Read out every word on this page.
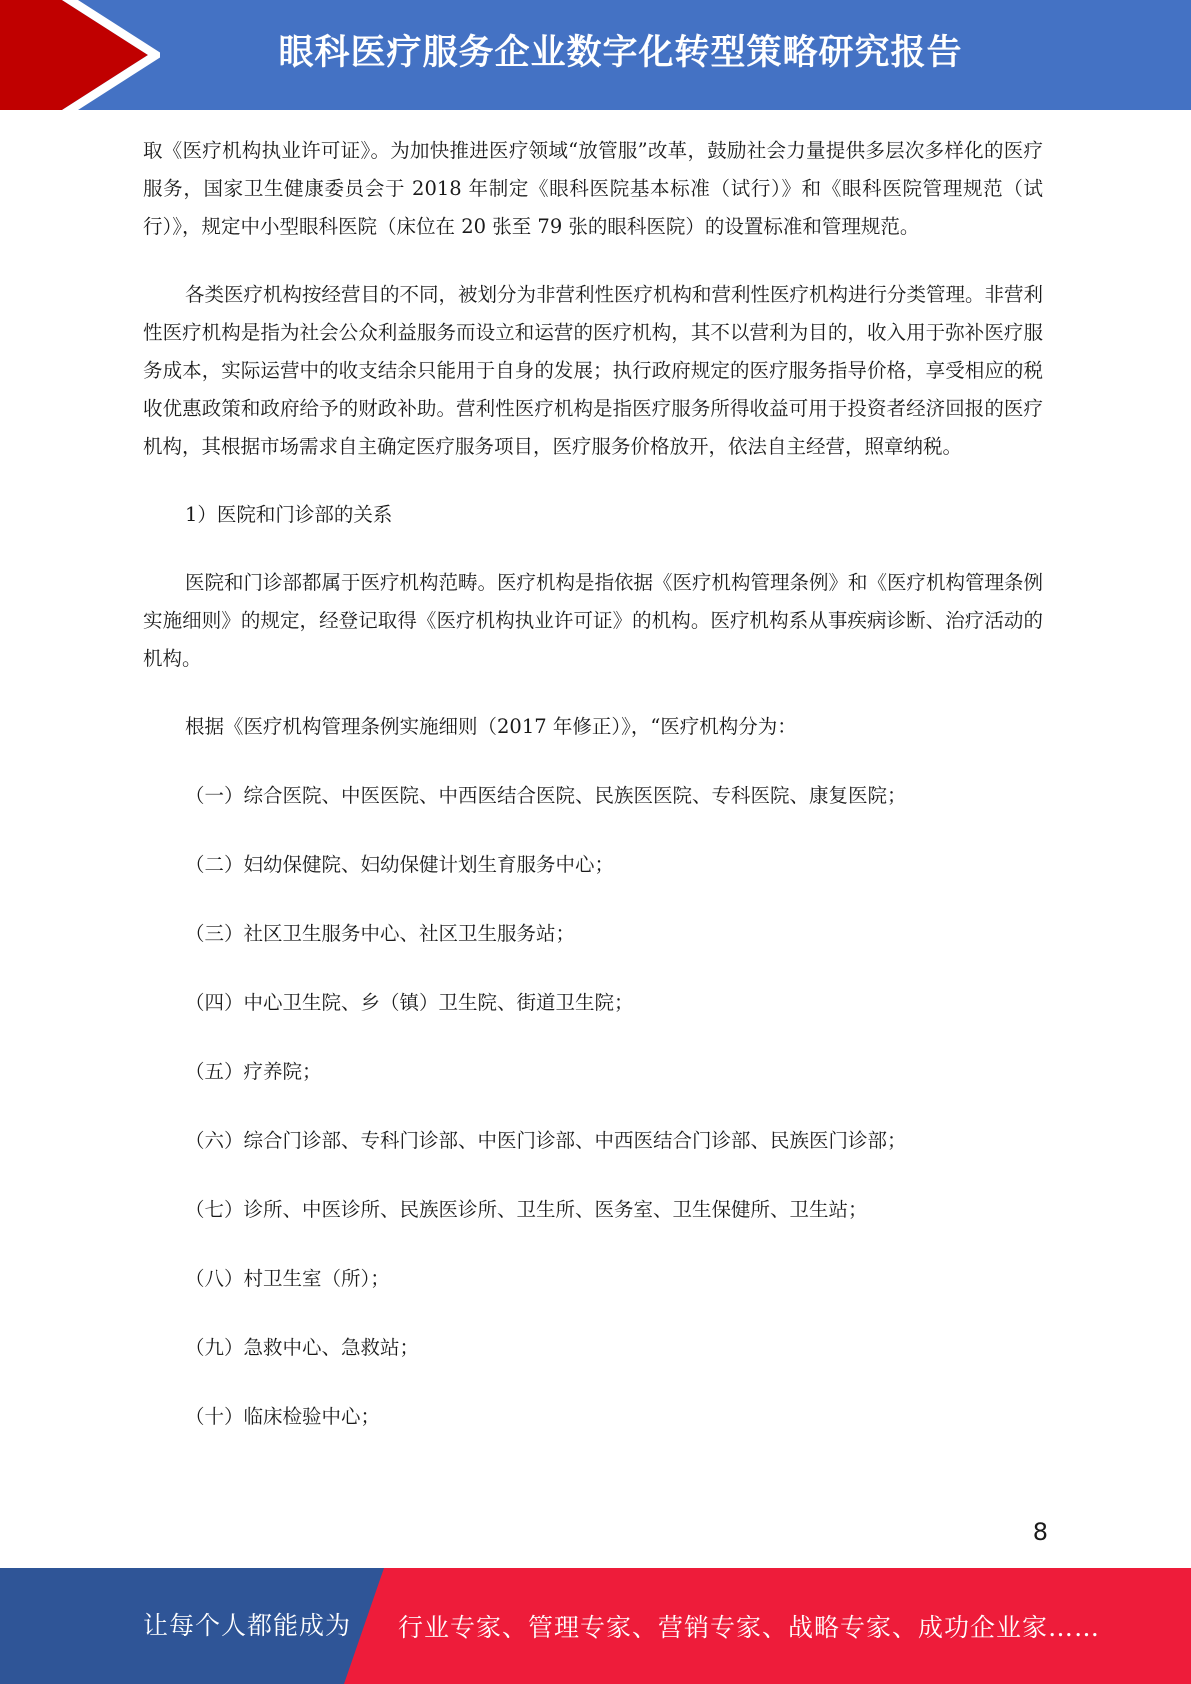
眼科医疗服务企业数字化转型策略研究报告

取《医疗机构执业许可证》。为加快推进医疗领域“放管服”改革，鼓励社会力量提供多层次多样化的医疗服务，国家卫生健康委员会于 2018 年制定《眼科医院基本标准（试行）》和《眼科医院管理规范（试行）》，规定中小型眼科医院（床位在 20 张至 79 张的眼科医院）的设置标准和管理规范。

各类医疗机构按经营目的不同，被划分为非营利性医疗机构和营利性医疗机构进行分类管理。非营利性医疗机构是指为社会公众利益服务而设立和运营的医疗机构，其不以营利为目的，收入用于弥补医疗服务成本，实际运营中的收支结余只能用于自身的发展；执行政府规定的医疗服务指导价格，享受相应的税收优惠政策和政府给予的财政补助。营利性医疗机构是指医疗服务所得收益可用于投资者经济回报的医疗机构，其根据市场需求自主确定医疗服务项目，医疗服务价格放开，依法自主经营，照章纳税。

1）医院和门诊部的关系

医院和门诊部都属于医疗机构范畴。医疗机构是指依据《医疗机构管理条例》和《医疗机构管理条例实施细则》的规定，经登记取得《医疗机构执业许可证》的机构。医疗机构系从事疾病诊断、治疗活动的机构。

根据《医疗机构管理条例实施细则（2017 年修正）》，“医疗机构分为：

（一）综合医院、中医医院、中西医结合医院、民族医医院、专科医院、康复医院；

（二）妇幼保健院、妇幼保健计划生育服务中心；

（三）社区卫生服务中心、社区卫生服务站；

（四）中心卫生院、乡（镇）卫生院、街道卫生院；

（五）疗养院；

（六）综合门诊部、专科门诊部、中医门诊部、中西医结合门诊部、民族医门诊部；

（七）诊所、中医诊所、民族医诊所、卫生所、医务室、卫生保健所、卫生站；

（八）村卫生室（所）；

（九）急救中心、急救站；

（十）临床检验中心；

8
让每个人都能成为 行业专家、管理专家、营销专家、战略专家、成功企业家……
